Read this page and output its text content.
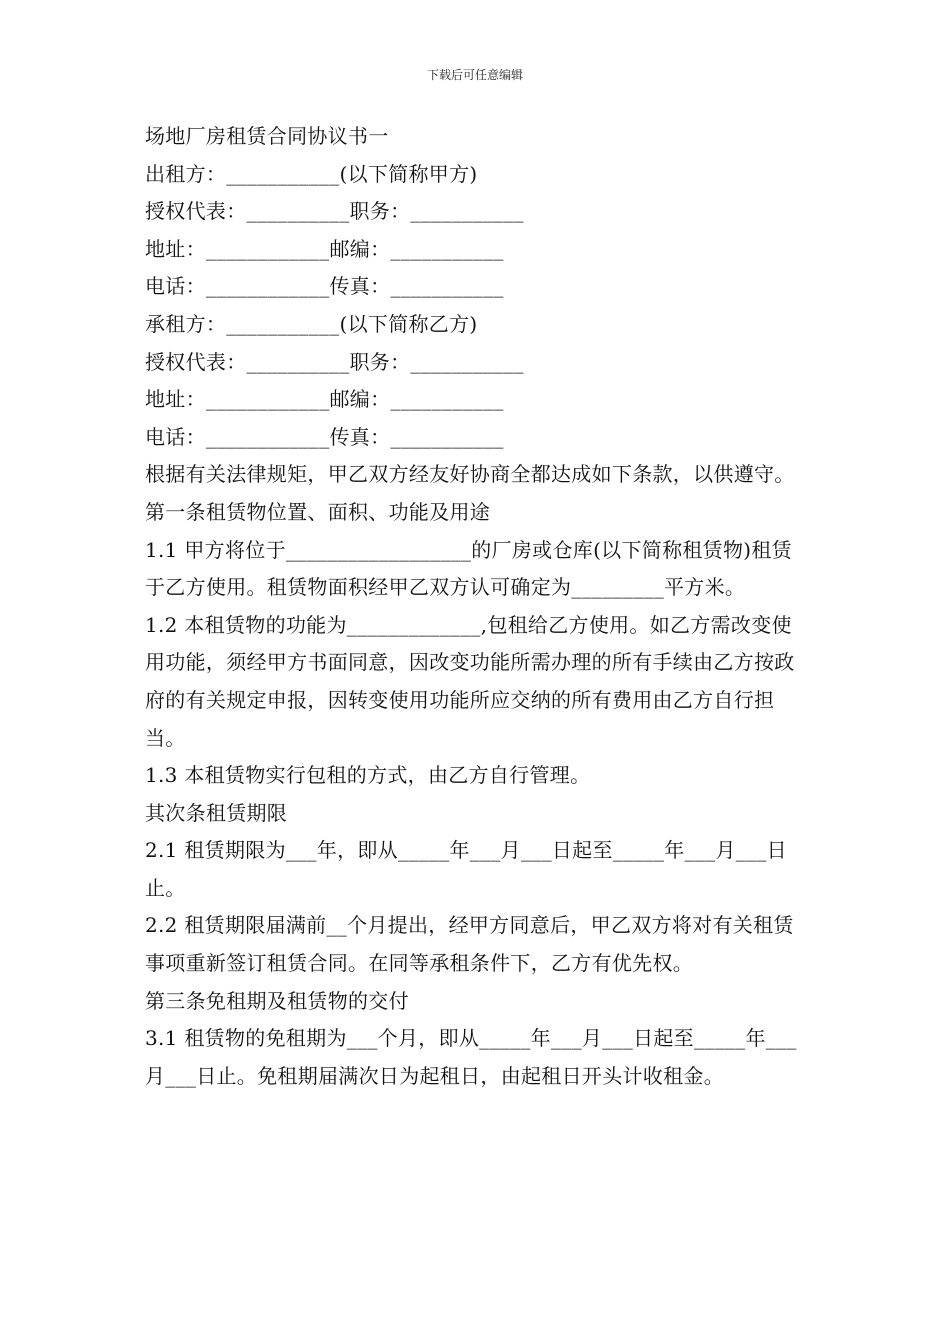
下载后可任意编辑

场地厂房租赁合同协议书一

出租方：___________(以下简称甲方)

授权代表：__________职务：___________

地址：____________邮编：___________

电话：____________传真：___________

承租方：___________(以下简称乙方)

授权代表：__________职务：___________

地址：____________邮编：___________

电话：____________传真：___________

根据有关法律规矩，甲乙双方经友好协商全都达成如下条款，以供遵守。

第一条租赁物位置、面积、功能及用途

1.1 甲方将位于__________________的厂房或仓库(以下简称租赁物)租赁于乙方使用。租赁物面积经甲乙双方认可确定为_________平方米。

1.2 本租赁物的功能为_____________,包租给乙方使用。如乙方需改变使用功能，须经甲方书面同意，因改变功能所需办理的所有手续由乙方按政府的有关规定申报，因转变使用功能所应交纳的所有费用由乙方自行担当。

1.3 本租赁物实行包租的方式，由乙方自行管理。

其次条租赁期限

2.1 租赁期限为___年，即从_____年___月___日起至_____年___月___日止。

2.2 租赁期限届满前__个月提出，经甲方同意后，甲乙双方将对有关租赁事项重新签订租赁合同。在同等承租条件下，乙方有优先权。

第三条免租期及租赁物的交付

3.1 租赁物的免租期为___个月，即从_____年___月___日起至_____年___月___日止。免租期届满次日为起租日，由起租日开头计收租金。
